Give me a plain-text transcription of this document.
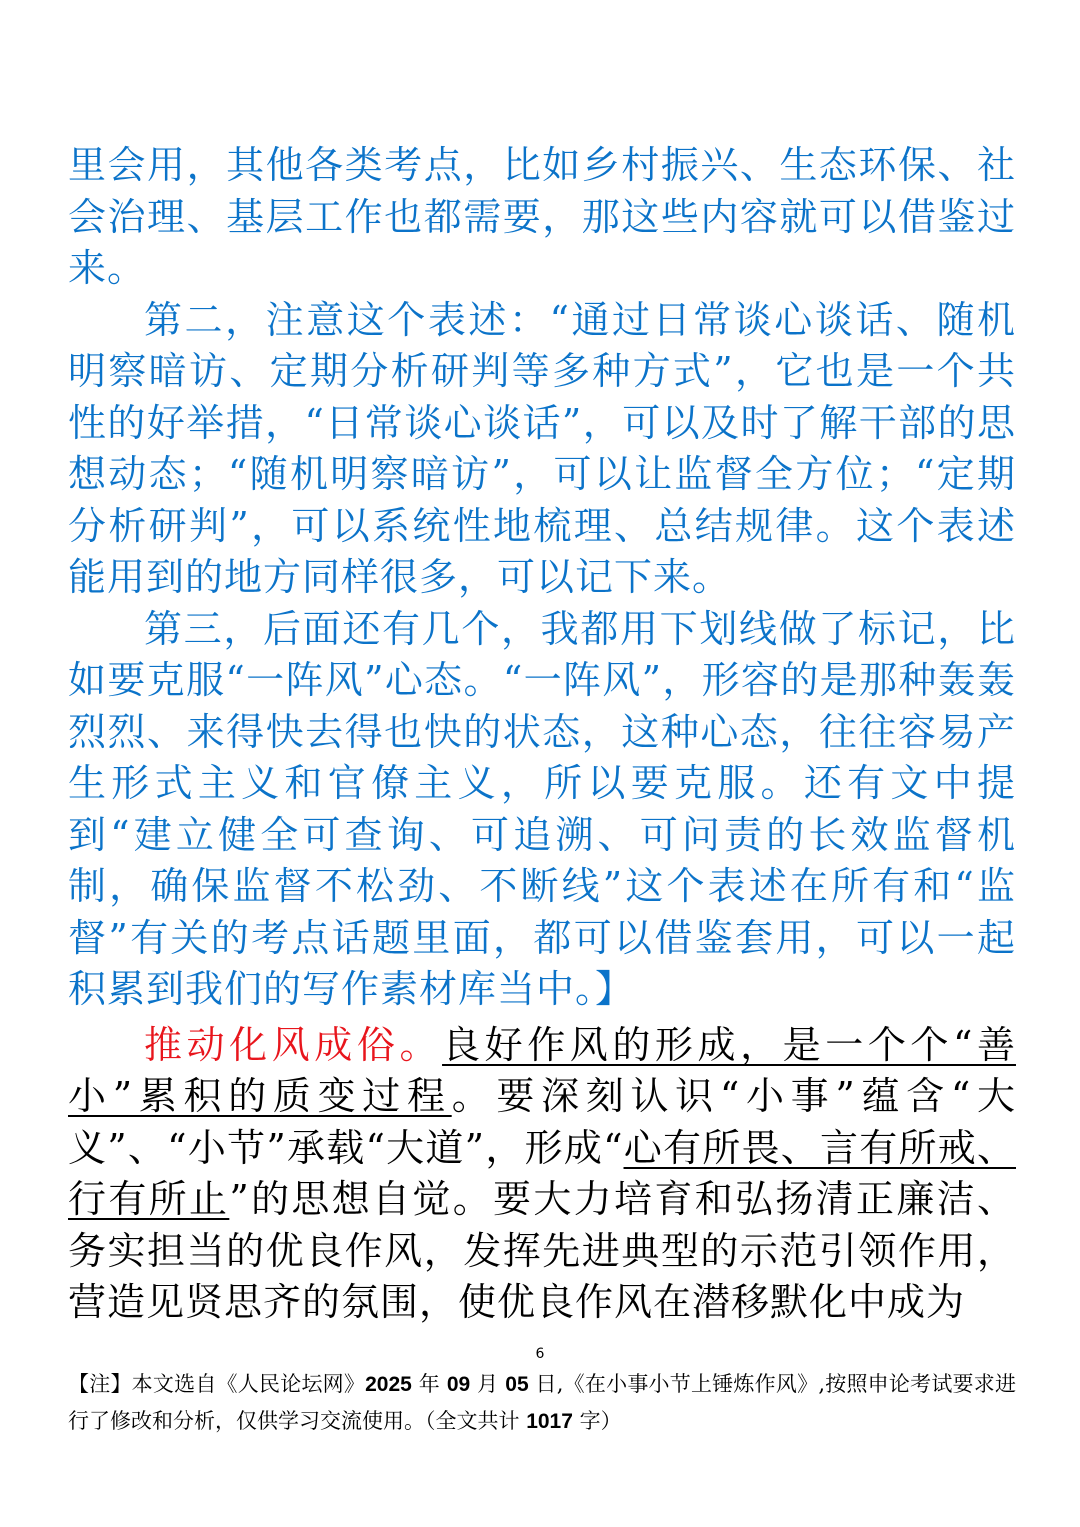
里会用，其他各类考点，比如乡村振兴、生态环保、社会治理、基层工作也都需要，那这些内容就可以借鉴过来。

第二，注意这个表述：“通过日常谈心谈话、随机明察暗访、定期分析研判等多种方式”，它也是一个共性的好举措，“日常谈心谈话”，可以及时了解干部的思想动态；“随机明察暗访”，可以让监督全方位；“定期分析研判”，可以系统性地梳理、总结规律。这个表述能用到的地方同样很多，可以记下来。

第三，后面还有几个，我都用下划线做了标记，比如要克服“一阵风”心态。“一阵风”，形容的是那种轰轰烈烈、来得快去得也快的状态，这种心态，往往容易产生形式主义和官僚主义，所以要克服。还有文中提到“建立健全可查询、可追溯、可问责的长效监督机制，确保监督不松劲、不断线”这个表述在所有和“监督”有关的考点话题里面，都可以借鉴套用，可以一起积累到我们的写作素材库当中。】

推动化风成俗。良好作风的形成，是一个个“善小”累积的质变过程。要深刻认识“小事”蕴含“大义”、“小节”承载“大道”，形成“心有所畏、言有所戒、行有所止”的思想自觉。要大力培育和弘扬清正廉洁、务实担当的优良作风，发挥先进典型的示范引领作用，营造见贤思齐的氛围，使优良作风在潜移默化中成为

6
【注】本文选自《人民论坛网》2025 年 09 月 05 日,《在小事小节上锤炼作风》,按照申论考试要求进行了修改和分析，仅供学习交流使用。（全文共计 1017 字）
